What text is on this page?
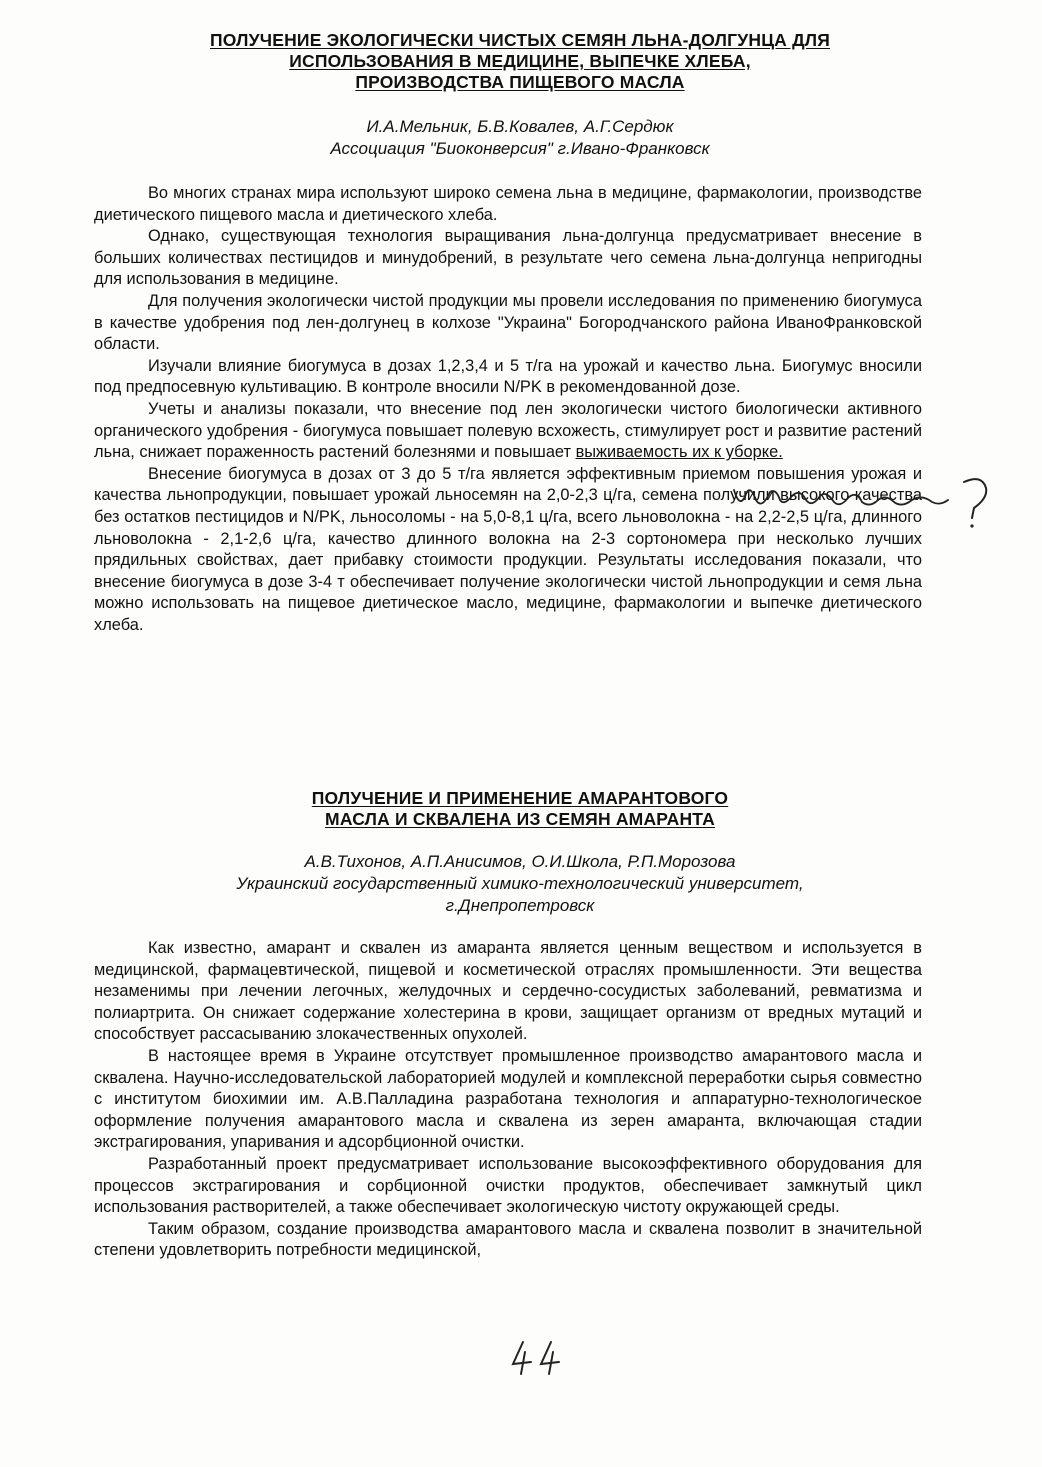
ПОЛУЧЕНИЕ ЭКОЛОГИЧЕСКИ ЧИСТЫХ СЕМЯН ЛЬНА-ДОЛГУНЦА ДЛЯ
ИСПОЛЬЗОВАНИЯ В МЕДИЦИНЕ, ВЫПЕЧКЕ ХЛЕБА,
ПРОИЗВОДСТВА ПИЩЕВОГО МАСЛА
И.А.Мельник, Б.В.Ковалев, А.Г.Сердюк
Ассоциация "Биоконверсия" г.Ивано-Франковск

Во многих странах мира используют широко семена льна в медицине, фармакологии, производстве диетического пищевого масла и диетического хлеба.

Однако, существующая технология выращивания льна-долгунца предусматривает внесение в больших количествах пестицидов и минудобрений, в результате чего семена льна-долгунца непригодны для использования в медицине.

Для получения экологически чистой продукции мы провели исследования по применению биогумуса в качестве удобрения под лен-долгунец в колхозе "Украина" Богородчанского района ИваноФранковской области.

Изучали влияние биогумуса в дозах 1,2,3,4 и 5 т/га на урожай и качество льна. Биогумус вносили под предпосевную культивацию. В контроле вносили N/PK в рекомендованной дозе.

Учеты и анализы показали, что внесение под лен экологически чистого биологически активного органического удобрения - биогумуса повышает полевую всхожесть, стимулирует рост и развитие растений льна, снижает пораженность растений болезнями и повышает выживаемость их к уборке.

Внесение биогумуса в дозах от 3 до 5 т/га является эффективным приемом повышения урожая и качества льнопродукции, повышает урожай льносемян на 2,0-2,3 ц/га, семена получили высокого качества без остатков пестицидов и N/PK, льносоломы - на 5,0-8,1 ц/га, всего льноволокна - на 2,2-2,5 ц/га, длинного льноволокна - 2,1-2,6 ц/га, качество длинного волокна на 2-3 сортономера при несколько лучших прядильных свойствах, дает прибавку стоимости продукции. Результаты исследования показали, что внесение биогумуса в дозе 3-4 т обеспечивает получение экологически чистой льнопродукции и семя льна можно использовать на пищевое диетическое масло, медицине, фармакологии и выпечке диетического хлеба.

ПОЛУЧЕНИЕ И ПРИМЕНЕНИЕ АМАРАНТОВОГО
МАСЛА И СКВАЛЕНА ИЗ СЕМЯН АМАРАНТА
А.В.Тихонов, А.П.Анисимов, О.И.Школа, Р.П.Морозова
Украинский государственный химико-технологический университет,
г.Днепропетровск

Как известно, амарант и сквален из амаранта является ценным веществом и используется в медицинской, фармацевтической, пищевой и косметической отраслях промышленности. Эти вещества незаменимы при лечении легочных, желудочных и сердечно-сосудистых заболеваний, ревматизма и полиартрита. Он снижает содержание холестерина в крови, защищает организм от вредных мутаций и способствует рассасыванию злокачественных опухолей.

В настоящее время в Украине отсутствует промышленное производство амарантового масла и сквалена. Научно-исследовательской лабораторией модулей и комплексной переработки сырья совместно с институтом биохимии им. А.В.Палладина разработана технология и аппаратурно-технологическое оформление получения амарантового масла и сквалена из зерен амаранта, включающая стадии экстрагирования, упаривания и адсорбционной очистки.

Разработанный проект предусматривает использование высокоэффективного оборудования для процессов экстрагирования и сорбционной очистки продуктов, обеспечивает замкнутый цикл использования растворителей, а также обеспечивает экологическую чистоту окружающей среды.

Таким образом, создание производства амарантового масла и сквалена позволит в значительной степени удовлетворить потребности медицинской,
